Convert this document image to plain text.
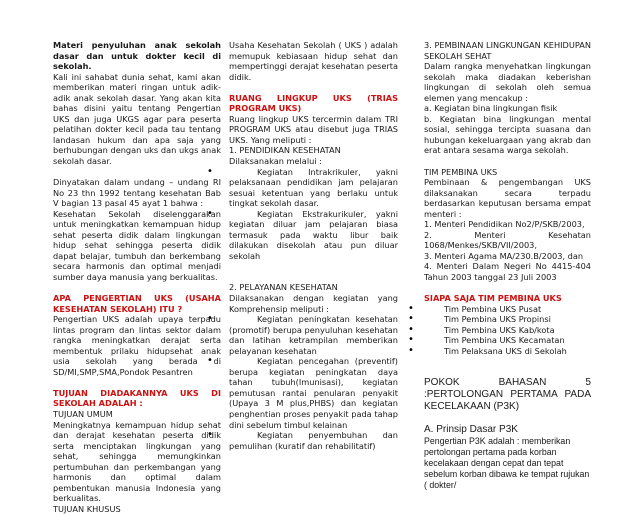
Materi penyuluhan anak sekolah dasar dan untuk dokter kecil di sekolah.

Kali ini sahabat dunia sehat, kami akan memberikan materi ringan untuk adik-adik anak sekolah dasar. Yang akan kita bahas disini yaitu tentang Pengertian UKS dan juga UKGS agar para peserta pelatihan dokter kecil pada tau tentang landasan hukum dan apa saja yang berhubungan dengan uks dan ukgs anak sekolah dasar.

Dinyatakan dalam undang – undang RI No 23 thn 1992 tentang kesehatan Bab V bagian 13 pasal 45 ayat 1 bahwa :

Kesehatan Sekolah diselenggarakan untuk meningkatkan kemampuan hidup sehat peserta didik dalam lingkungan hidup sehat sehingga peserta didik dapat belajar, tumbuh dan berkembang secara harmonis dan optimal menjadi sumber daya manusia yang berkualitas.

APA PENGERTIAN UKS (USAHA KESEHATAN SEKOLAH) ITU ?

Pengertian UKS adalah upaya terpadu lintas program dan lintas sektor dalam rangka meningkatkan derajat serta membentuk prilaku hidupsehat anak usia sekolah yang berada di SD/MI,SMP,SMA,Pondok Pesantren

TUJUAN DIADAKANNYA UKS DI SEKOLAH ADALAH :

TUJUAN UMUM

Meningkatnya kemampuan hidup sehat dan derajat kesehatan peserta didik serta menciptakan lingkungan yang sehat, sehingga memungkinkan pertumbuhan dan perkembangan yang harmonis dan optimal dalam pembentukan manusia Indonesia yang berkualitas.

TUJUAN KHUSUS

Usaha Kesehatan Sekolah ( UKS ) adalah memupuk kebiasaan hidup sehat dan mempertinggi derajat kesehatan peserta didik.

RUANG LINGKUP UKS (TRIAS PROGRAM UKS)

Ruang lingkup UKS tercermin dalam TRI PROGRAM UKS atau disebut juga TRIAS UKS. Yang meliputi :

1. PENDIDIKAN KESEHATAN

Dilaksanakan melalui :

• Kegiatan Intrakrikuler, yakni pelaksanaan pendidikan jam pelajaran sesuai ketentuan yang berlaku untuk tingkat sekolah dasar.
• Kegiatan Ekstrakurikuler, yakni kegiatan diluar jam pelajaran biasa termasuk pada waktu libur baik dilakukan disekolah atau pun diluar sekolah

2. PELAYANAN KESEHATAN

Dilaksanakan dengan kegiatan yang Komprehensip meliputi :

• Kegiatan peningkatan kesehatan (promotif) berupa penyuluhan kesehatan dan latihan ketrampilan memberikan pelayanan kesehatan
• Kegiatan pencegahan (preventif) berupa kegiatan peningkatan daya tahan tubuh(Imunisasi), kegiatan pemutusan rantai penularan penyakit (Upaya 3 M plus,PHBS) dan kegiatan penghentian proses penyakit pada tahap dini sebelum timbul kelainan
• Kegiatan penyembuhan dan pemulihan (kuratif dan rehabilitatif)

3. PEMBINAAN LINGKUNGAN KEHIDUPAN SEKOLAH SEHAT

Dalam rangka menyehatkan lingkungan sekolah maka diadakan keberishan lingkungan di sekolah oleh semua elemen yang mencakup :

a. Kegiatan bina lingkungan fisik

b. Kegiatan bina lingkungan mental sosial, sehingga tercipta suasana dan hubungan kekeluargaan yang akrab dan erat antara sesama warga sekolah.

TIM PEMBINA UKS

Pembinaan & pengembangan UKS dilaksanakan secara terpadu berdasarkan keputusan bersama empat menteri :

1. Menteri Pendidikan No2/P/SKB/2003,

2.	Menteri	Kesehatan

1068/Menkes/SKB/VII/2003,

3. Menteri Agama MA/230.B/2003, dan

4. Menteri Dalam Negeri No 4415-404 Tahun 2003 tanggal 23 Juli 2003

SIAPA SAJA TIM PEMBINA UKS

• Tim Pembina UKS Pusat
• Tim Pembina UKS Propinsi
• Tim Pembina UKS Kab/kota
• Tim Pembina UKS Kecamatan
• Tim Pelaksana UKS di Sekolah

POKOK BAHASAN 5 :PERTOLONGAN PERTAMA PADA KECELAKAAN (P3K)

A. Prinsip Dasar P3K

Pengertian P3K adalah : memberikan pertolongan pertama pada korban kecelakaan dengan cepat dan tepat sebelum korban dibawa ke tempat rujukan ( dokter/
